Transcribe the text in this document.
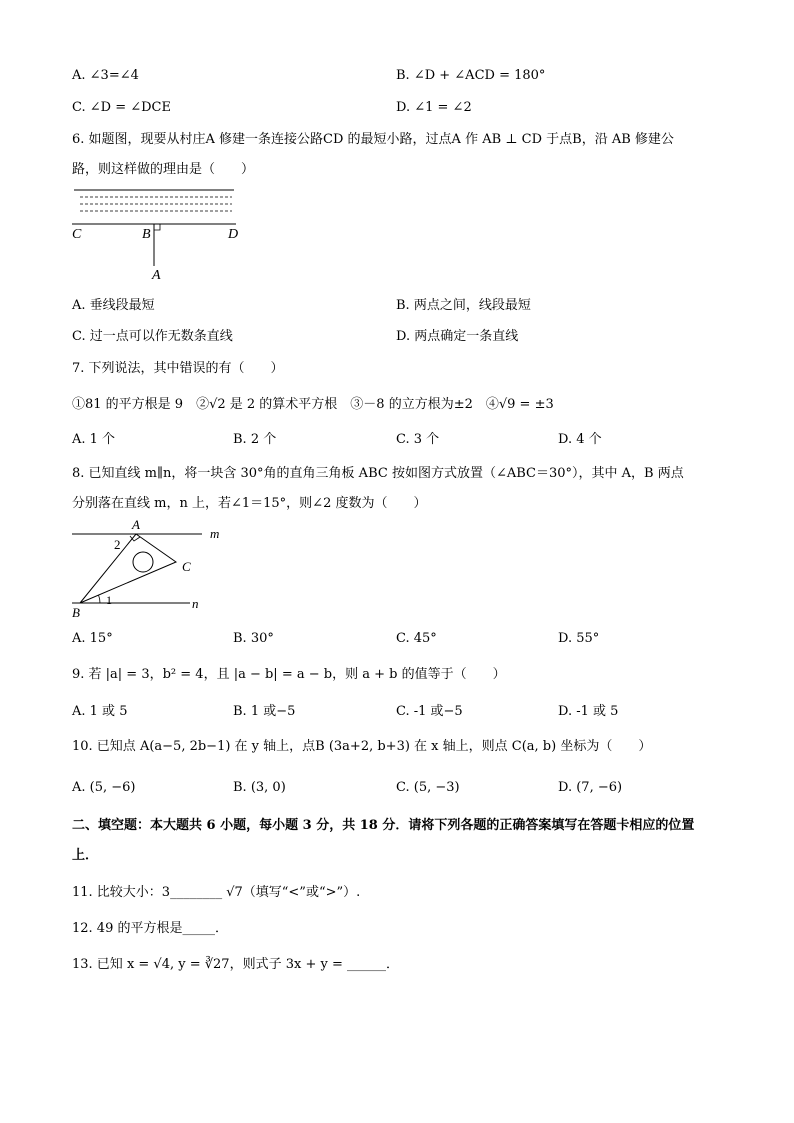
A. ∠3=∠4	B. ∠D + ∠ACD = 180°
C. ∠D = ∠DCE	D. ∠1 = ∠2
6. 如题图，现要从村庄A 修建一条连接公路CD 的最短小路，过点A 作 AB ⊥ CD 于点B，沿 AB 修建公
路，则这样做的理由是（　　）
C	B	D
A
A. 垂线段最短	B. 两点之间，线段最短
C. 过一点可以作无数条直线	D. 两点确定一条直线
7. 下列说法，其中错误的有（　　）
①81 的平方根是 9　②√2 是 2 的算术平方根　③－8 的立方根为±2　④√9 = ±3
A. 1 个	B. 2 个	C. 3 个	D. 4 个
8. 已知直线 m∥n，将一块含 30°角的直角三角板 ABC 按如图方式放置（∠ABC＝30°），其中 A，B 两点
分别落在直线 m，n 上，若∠1＝15°，则∠2 度数为（　　）
A
m
2
C
1	n
B
A. 15°	B. 30°	C. 45°	D. 55°
9. 若 |a| = 3，b² = 4，且 |a − b| = a − b，则 a + b 的值等于（　　）
A. 1 或 5	B. 1 或−5	C. -1 或−5	D. -1 或 5
10. 已知点 A(a−5, 2b−1) 在 y 轴上，点B (3a+2, b+3) 在 x 轴上，则点 C(a, b) 坐标为（　　）
A. (5, −6)	B. (3, 0)	C. (5, −3)	D. (7, −6)
二、填空题：本大题共 6 小题，每小题 3 分，共 18 分．请将下列各题的正确答案填写在答题卡相应的位置
上．
11. 比较大小：3________ √7（填写“<”或“>”）.
12. 49 的平方根是_____．
13. 已知 x = √4, y = ∛27，则式子 3x + y = ______．
